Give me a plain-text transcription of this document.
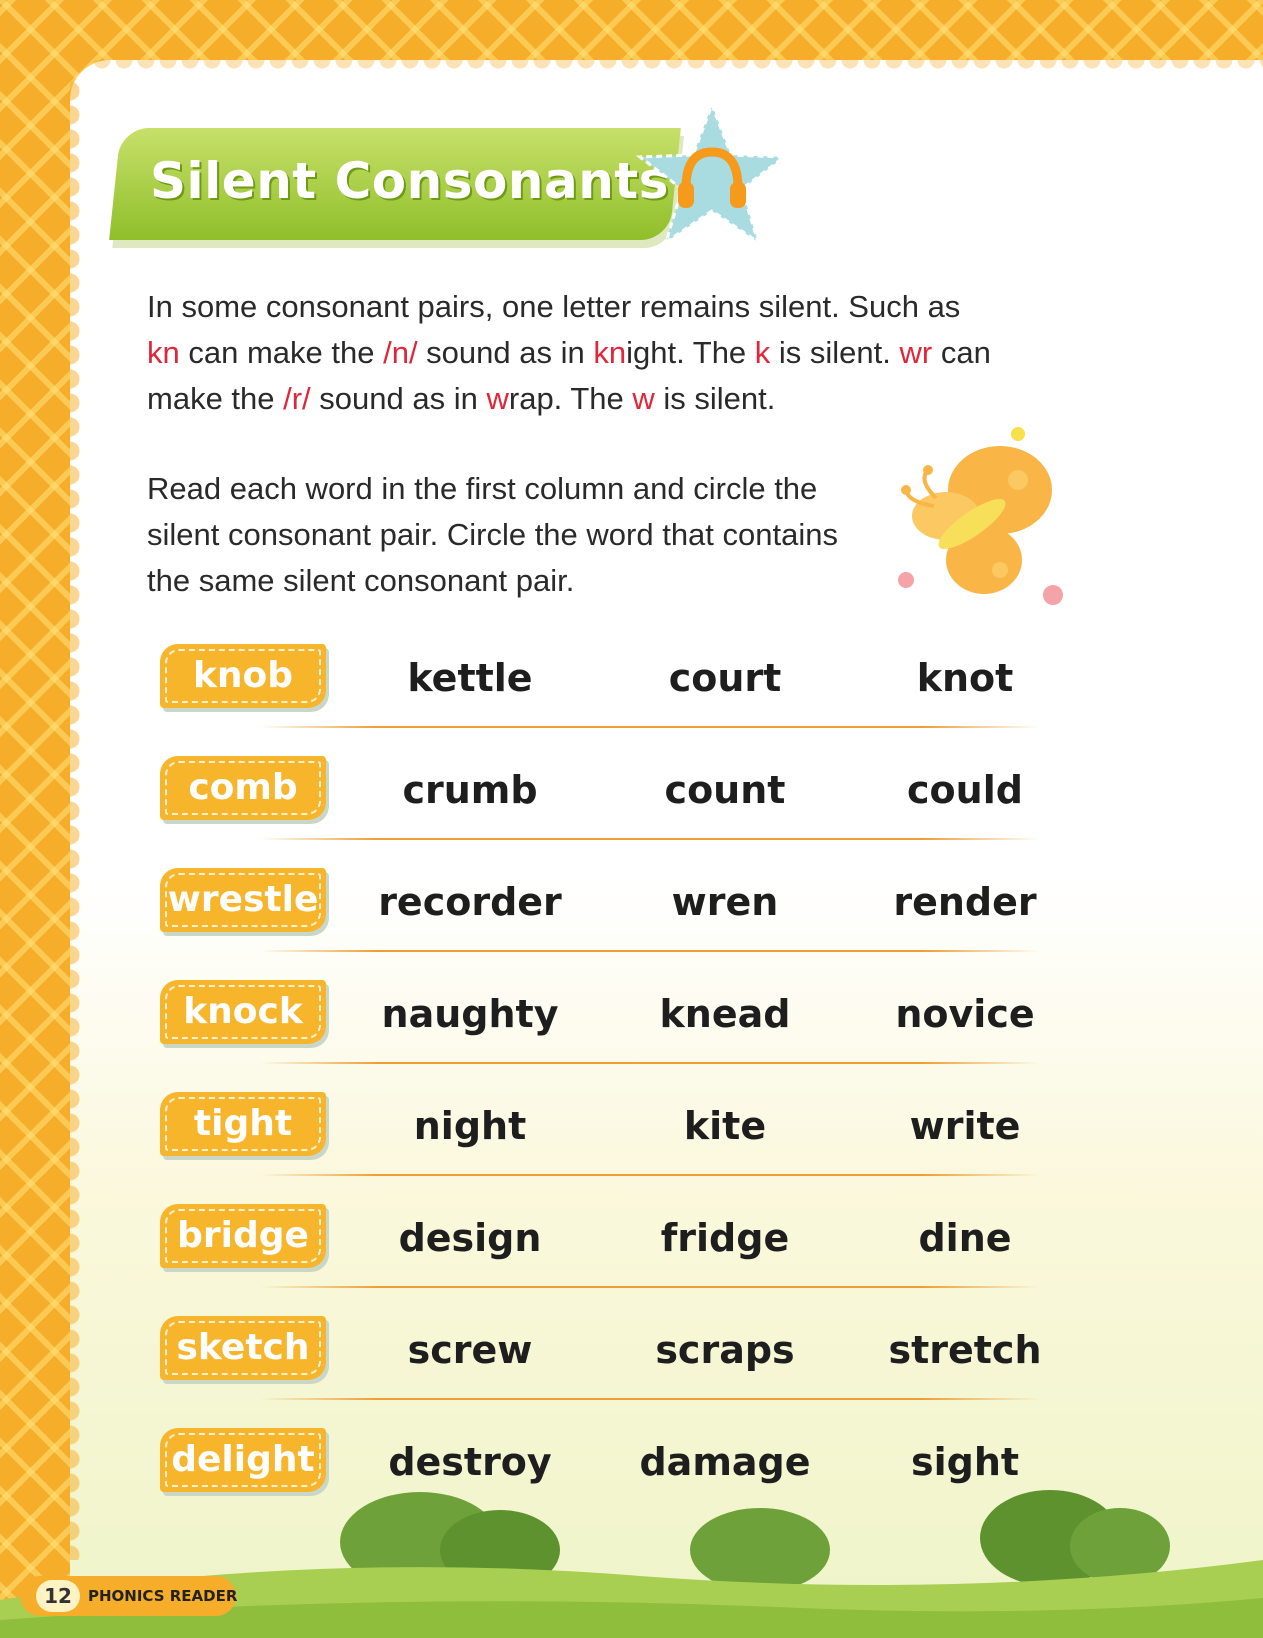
Silent Consonants
In some consonant pairs, one letter remains silent. Such as
kn can make the /n/ sound as in knight. The k is silent. wr can
make the /r/ sound as in wrap. The w is silent.
Read each word in the first column and circle the
silent consonant pair. Circle the word that contains
the same silent consonant pair.
knob	kettle	court	knot
comb	crumb	count	could
wrestle	recorder	wren	render
knock	naughty	knead	novice
tight	night	kite	write
bridge	design	fridge	dine
sketch	screw	scraps	stretch
delight	destroy	damage	sight
12	PHONICS READER
